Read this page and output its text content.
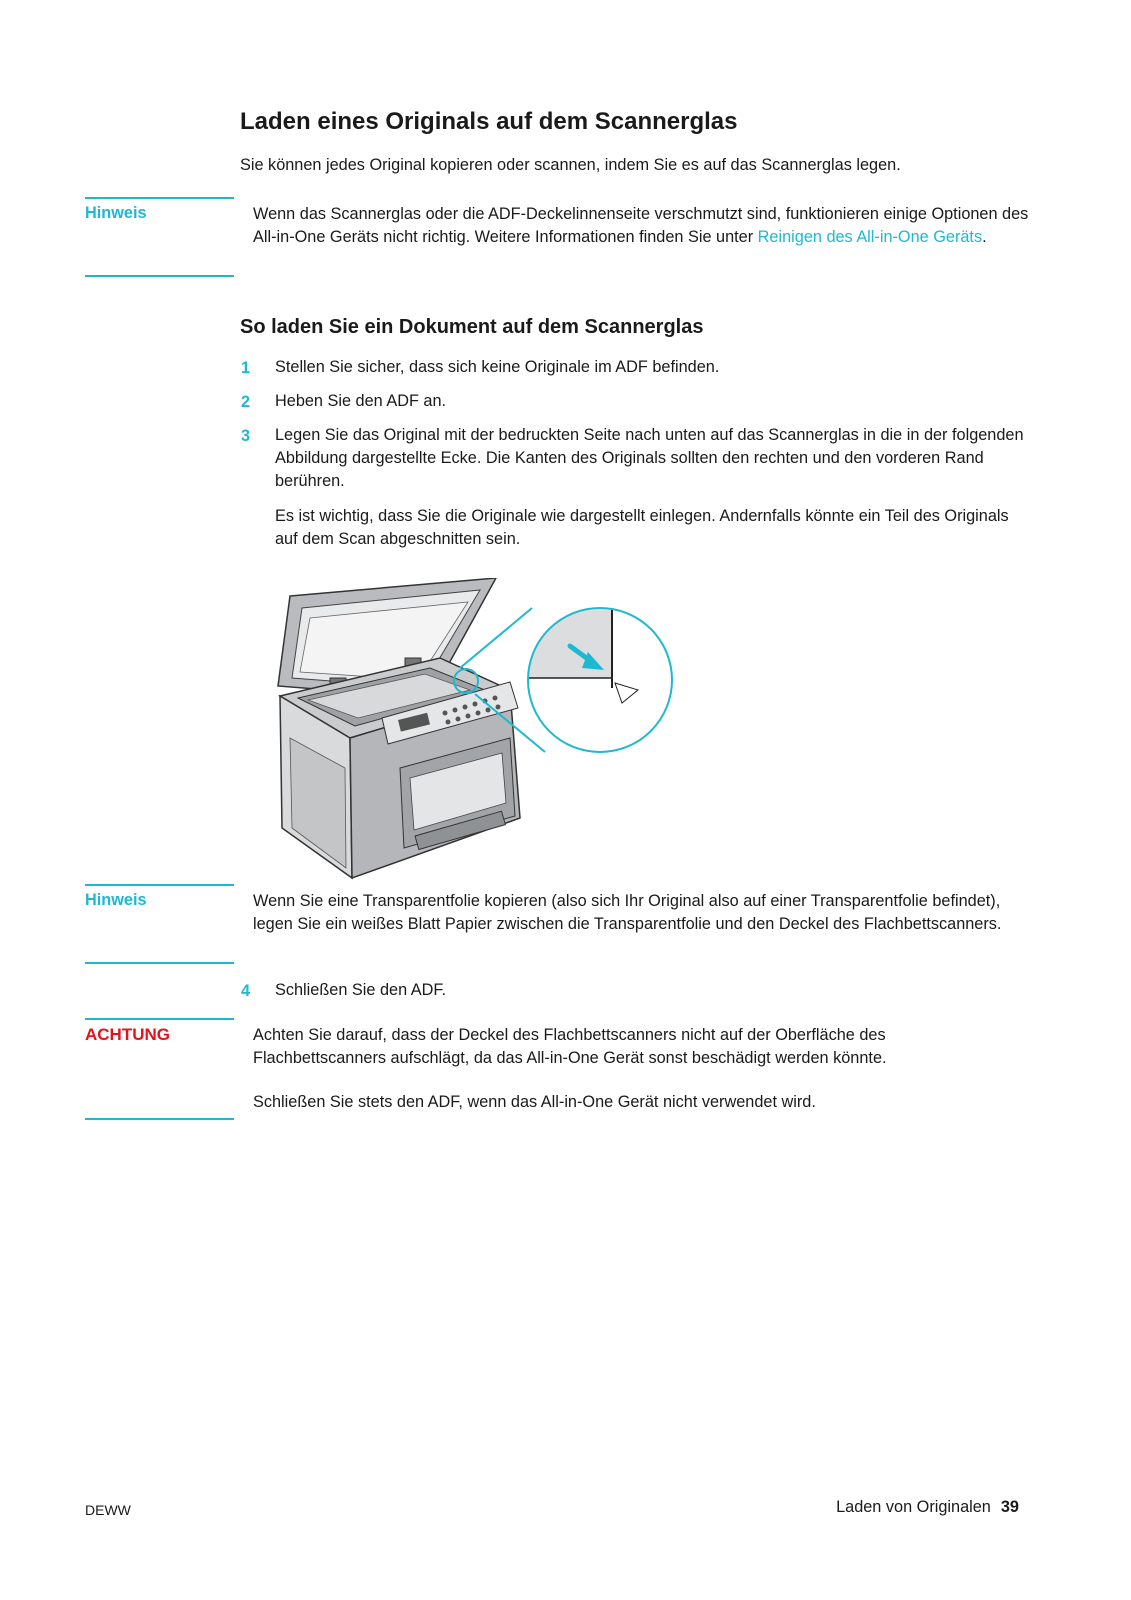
Laden eines Originals auf dem Scannerglas
Sie können jedes Original kopieren oder scannen, indem Sie es auf das Scannerglas legen.
Hinweis	Wenn das Scannerglas oder die ADF-Deckelinnenseite verschmutzt sind, funktionieren einige Optionen des All-in-One Geräts nicht richtig. Weitere Informationen finden Sie unter Reinigen des All-in-One Geräts.
So laden Sie ein Dokument auf dem Scannerglas
1 Stellen Sie sicher, dass sich keine Originale im ADF befinden.
2 Heben Sie den ADF an.
3 Legen Sie das Original mit der bedruckten Seite nach unten auf das Scannerglas in die in der folgenden Abbildung dargestellte Ecke. Die Kanten des Originals sollten den rechten und den vorderen Rand berühren.
Es ist wichtig, dass Sie die Originale wie dargestellt einlegen. Andernfalls könnte ein Teil des Originals auf dem Scan abgeschnitten sein.
Hinweis	Wenn Sie eine Transparentfolie kopieren (also sich Ihr Original also auf einer Transparentfolie befindet), legen Sie ein weißes Blatt Papier zwischen die Transparentfolie und den Deckel des Flachbettscanners.
4 Schließen Sie den ADF.
ACHTUNG	Achten Sie darauf, dass der Deckel des Flachbettscanners nicht auf der Oberfläche des Flachbettscanners aufschlägt, da das All-in-One Gerät sonst beschädigt werden könnte.
Schließen Sie stets den ADF, wenn das All-in-One Gerät nicht verwendet wird.
DEWW	Laden von Originalen 39
